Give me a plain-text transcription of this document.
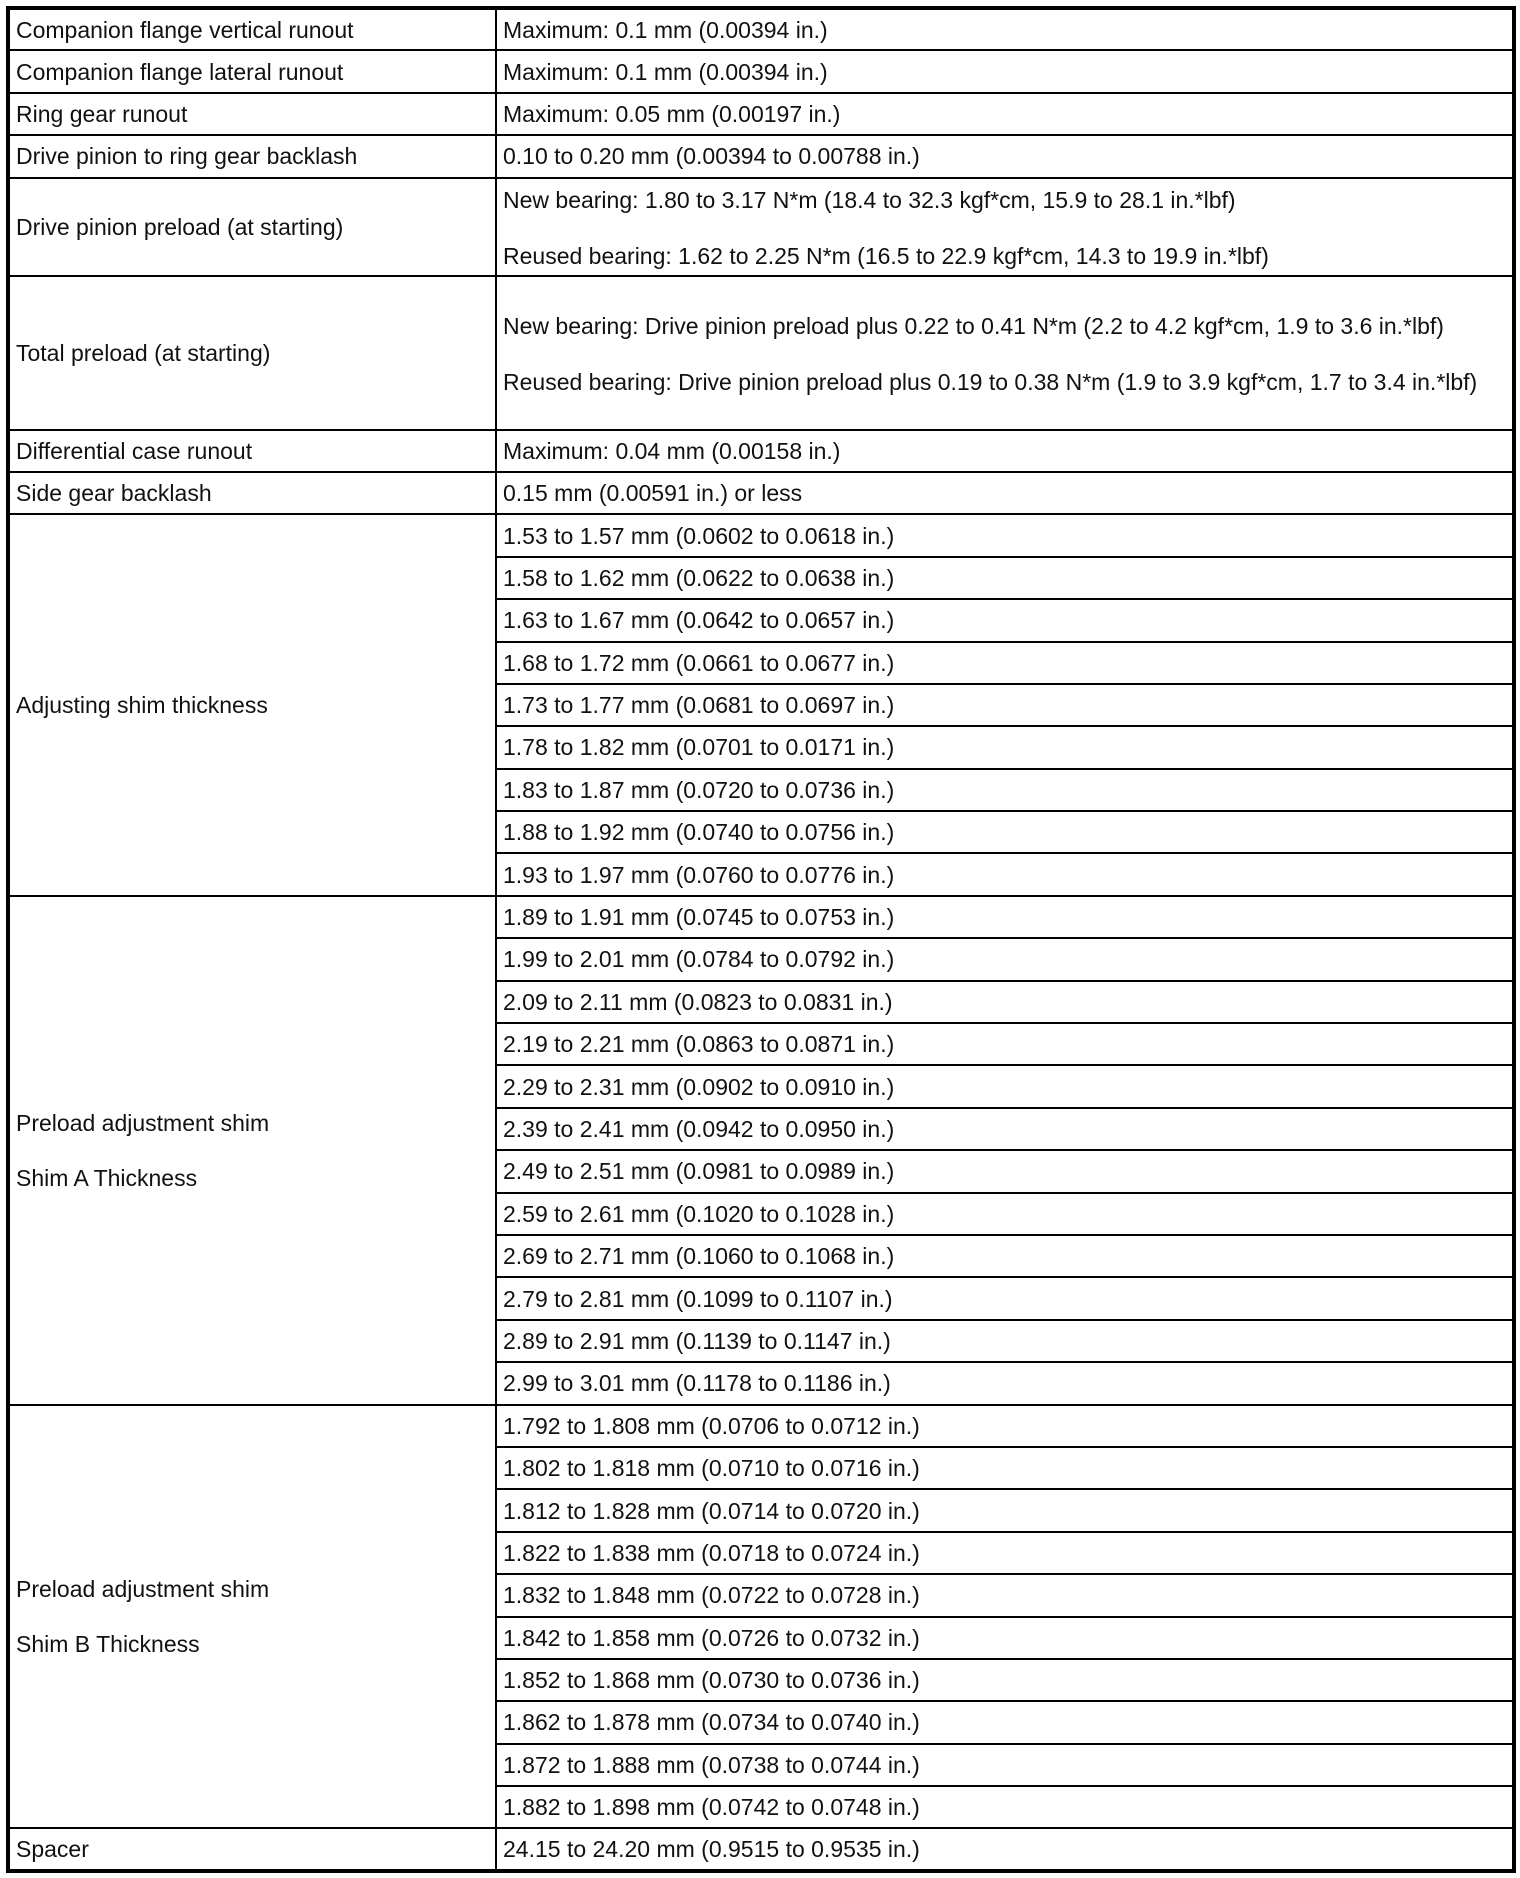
Companion flange vertical runout	Maximum: 0.1 mm (0.00394 in.)
Companion flange lateral runout	Maximum: 0.1 mm (0.00394 in.)
Ring gear runout	Maximum: 0.05 mm (0.00197 in.)
Drive pinion to ring gear backlash	0.10 to 0.20 mm (0.00394 to 0.00788 in.)
Drive pinion preload (at starting)	New bearing: 1.80 to 3.17 N*m (18.4 to 32.3 kgf*cm, 15.9 to 28.1 in.*lbf)
Reused bearing: 1.62 to 2.25 N*m (16.5 to 22.9 kgf*cm, 14.3 to 19.9 in.*lbf)

Total preload (at starting)	New bearing: Drive pinion preload plus 0.22 to 0.41 N*m (2.2 to 4.2 kgf*cm, 1.9 to 3.6 in.*lbf)
Reused bearing: Drive pinion preload plus 0.19 to 0.38 N*m (1.9 to 3.9 kgf*cm, 1.7 to 3.4 in.*lbf)

Differential case runout	Maximum: 0.04 mm (0.00158 in.)
Side gear backlash	0.15 mm (0.00591 in.) or less

Adjusting shim thickness	1.53 to 1.57 mm (0.0602 to 0.0618 in.)
	1.58 to 1.62 mm (0.0622 to 0.0638 in.)
	1.63 to 1.67 mm (0.0642 to 0.0657 in.)
	1.68 to 1.72 mm (0.0661 to 0.0677 in.)
	1.73 to 1.77 mm (0.0681 to 0.0697 in.)
	1.78 to 1.82 mm (0.0701 to 0.0171 in.)
	1.83 to 1.87 mm (0.0720 to 0.0736 in.)
	1.88 to 1.92 mm (0.0740 to 0.0756 in.)
	1.93 to 1.97 mm (0.0760 to 0.0776 in.)

Preload adjustment shim
Shim A Thickness	1.89 to 1.91 mm (0.0745 to 0.0753 in.)
	1.99 to 2.01 mm (0.0784 to 0.0792 in.)
	2.09 to 2.11 mm (0.0823 to 0.0831 in.)
	2.19 to 2.21 mm (0.0863 to 0.0871 in.)
	2.29 to 2.31 mm (0.0902 to 0.0910 in.)
	2.39 to 2.41 mm (0.0942 to 0.0950 in.)
	2.49 to 2.51 mm (0.0981 to 0.0989 in.)
	2.59 to 2.61 mm (0.1020 to 0.1028 in.)
	2.69 to 2.71 mm (0.1060 to 0.1068 in.)
	2.79 to 2.81 mm (0.1099 to 0.1107 in.)
	2.89 to 2.91 mm (0.1139 to 0.1147 in.)
	2.99 to 3.01 mm (0.1178 to 0.1186 in.)

Preload adjustment shim
Shim B Thickness	1.792 to 1.808 mm (0.0706 to 0.0712 in.)
	1.802 to 1.818 mm (0.0710 to 0.0716 in.)
	1.812 to 1.828 mm (0.0714 to 0.0720 in.)
	1.822 to 1.838 mm (0.0718 to 0.0724 in.)
	1.832 to 1.848 mm (0.0722 to 0.0728 in.)
	1.842 to 1.858 mm (0.0726 to 0.0732 in.)
	1.852 to 1.868 mm (0.0730 to 0.0736 in.)
	1.862 to 1.878 mm (0.0734 to 0.0740 in.)
	1.872 to 1.888 mm (0.0738 to 0.0744 in.)
	1.882 to 1.898 mm (0.0742 to 0.0748 in.)
Spacer	24.15 to 24.20 mm (0.9515 to 0.9535 in.)
